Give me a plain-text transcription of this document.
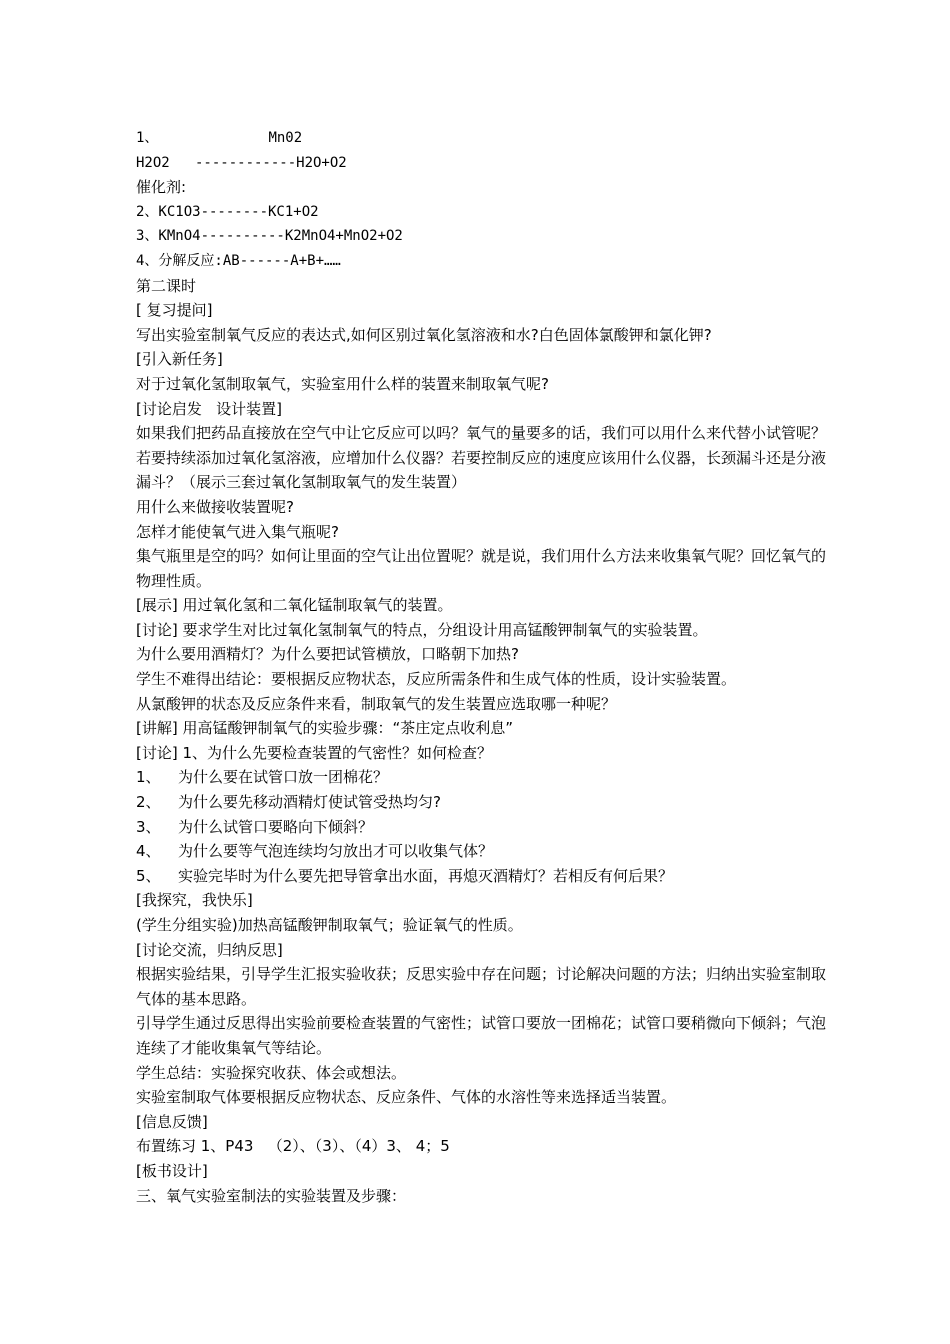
1、	Mn02
H2O2   ------------H2O+O2
催化剂:
2、KC1O3--------KC1+O2
3、KMnO4----------K2MnO4+MnO2+O2
4、分解反应:AB------A+B+……
第二课时
[ 复习提问]
写出实验室制氧气反应的表达式,如何区别过氧化氢溶液和水?白色固体氯酸钾和氯化钾?
[引入新任务]
对于过氧化氢制取氧气，实验室用什么样的装置来制取氧气呢?
[讨论启发   设计装置]
如果我们把药品直接放在空气中让它反应可以吗？氧气的量要多的话，我们可以用什么来代替小试管呢？若要持续添加过氧化氢溶液，应增加什么仪器？若要控制反应的速度应该用什么仪器，长颈漏斗还是分液漏斗？（展示三套过氧化氢制取氧气的发生装置）
用什么来做接收装置呢?
怎样才能使氧气进入集气瓶呢?
集气瓶里是空的吗？如何让里面的空气让出位置呢？就是说，我们用什么方法来收集氧气呢？回忆氧气的物理性质。
[展示] 用过氧化氢和二氧化锰制取氧气的装置。
[讨论] 要求学生对比过氧化氢制氧气的特点，分组设计用高锰酸钾制氧气的实验装置。
为什么要用酒精灯？为什么要把试管横放，口略朝下加热?
学生不难得出结论：要根据反应物状态，反应所需条件和生成气体的性质，设计实验装置。
从氯酸钾的状态及反应条件来看，制取氧气的发生装置应选取哪一种呢？
[讲解] 用高锰酸钾制氧气的实验步骤：“茶庄定点收利息”
[讨论] 1、为什么先要检查装置的气密性？如何检查？
1、 为什么要在试管口放一团棉花？
2、 为什么要先移动酒精灯使试管受热均匀?
3、 为什么试管口要略向下倾斜？
4、 为什么要等气泡连续均匀放出才可以收集气体？
5、 实验完毕时为什么要先把导管拿出水面，再熄灭酒精灯？若相反有何后果？
[我探究，我快乐]
(学生分组实验)加热高锰酸钾制取氧气；验证氧气的性质。
[讨论交流，归纳反思]
根据实验结果，引导学生汇报实验收获；反思实验中存在问题；讨论解决问题的方法；归纳出实验室制取气体的基本思路。
引导学生通过反思得出实验前要检查装置的气密性；试管口要放一团棉花；试管口要稍微向下倾斜；气泡连续了才能收集氧气等结论。
学生总结：实验探究收获、体会或想法。
实验室制取气体要根据反应物状态、反应条件、气体的水溶性等来选择适当装置。
[信息反馈]
布置练习 1、P43   （2）、（3）、（4）3、 4；5
[板书设计]
三、氧气实验室制法的实验装置及步骤：
